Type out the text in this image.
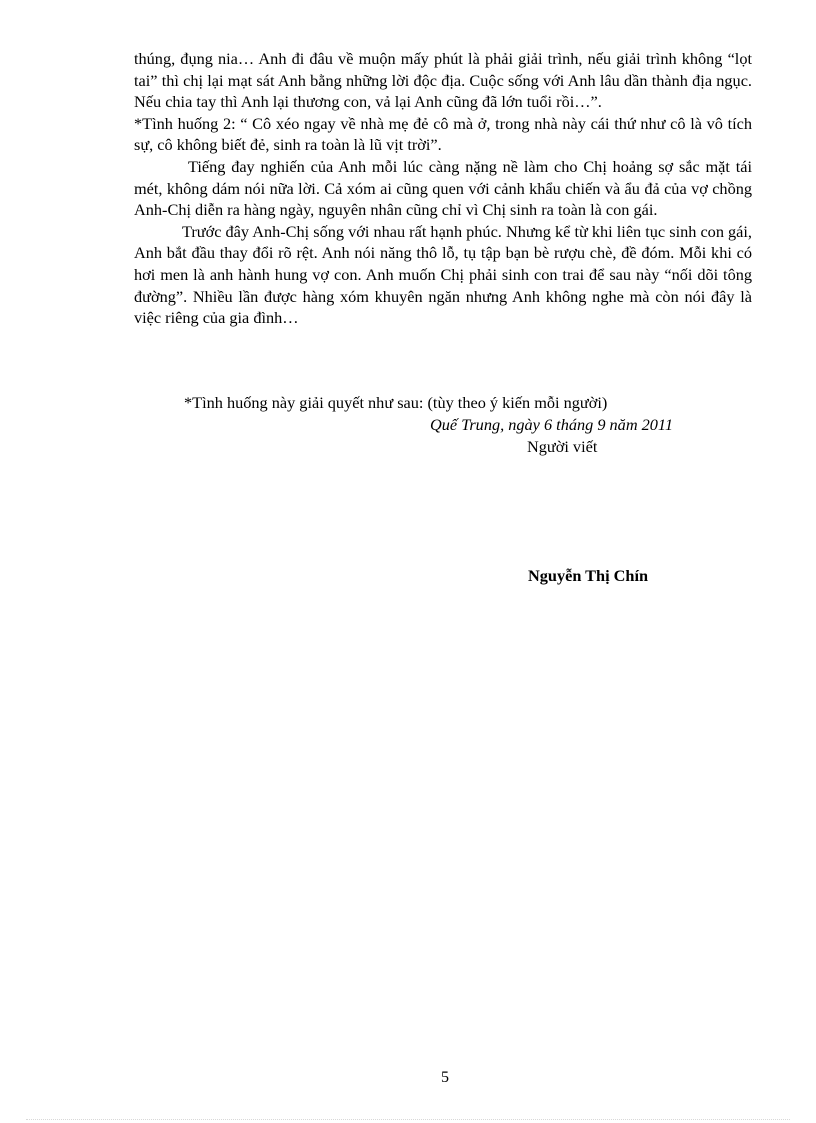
thúng, đụng nia… Anh đi đâu về muộn mấy phút là phải giải trình, nếu giải trình không “lọt tai” thì chị lại mạt sát Anh bằng những lời độc địa. Cuộc sống với Anh lâu dần thành địa ngục. Nếu chia tay thì Anh lại thương con, vả lại Anh cũng đã lớn tuổi rồi…”.

*Tình huống 2: “ Cô xéo ngay về nhà mẹ đẻ cô mà ở, trong nhà này cái thứ như cô là vô tích sự, cô không biết đẻ, sinh ra toàn là lũ vịt trời”.

Tiếng đay nghiến của Anh mỗi lúc càng nặng nề làm cho Chị hoảng sợ sắc mặt tái mét, không dám nói nữa lời. Cả xóm ai cũng quen với cảnh khẩu chiến và ẩu đả của vợ chồng Anh-Chị diễn ra hàng ngày, nguyên nhân cũng chỉ vì Chị sinh ra toàn là con gái.

Trước đây Anh-Chị sống với nhau rất hạnh phúc. Nhưng kể từ khi liên tục sinh con gái, Anh bắt đầu thay đổi rõ rệt. Anh nói năng thô lỗ, tụ tập bạn bè rượu chè, đề đóm. Mỗi khi có hơi men là anh hành hung vợ con. Anh muốn Chị phải sinh con trai để sau này “nối dõi tông đường”. Nhiều lần được hàng xóm khuyên ngăn nhưng Anh không nghe mà còn nói đây là việc riêng của gia đình…

*Tình huống này giải quyết như sau: (tùy theo ý kiến mỗi người)
Quế Trung, ngày 6 tháng 9 năm 2011
Người viết
Nguyễn Thị Chín
5
